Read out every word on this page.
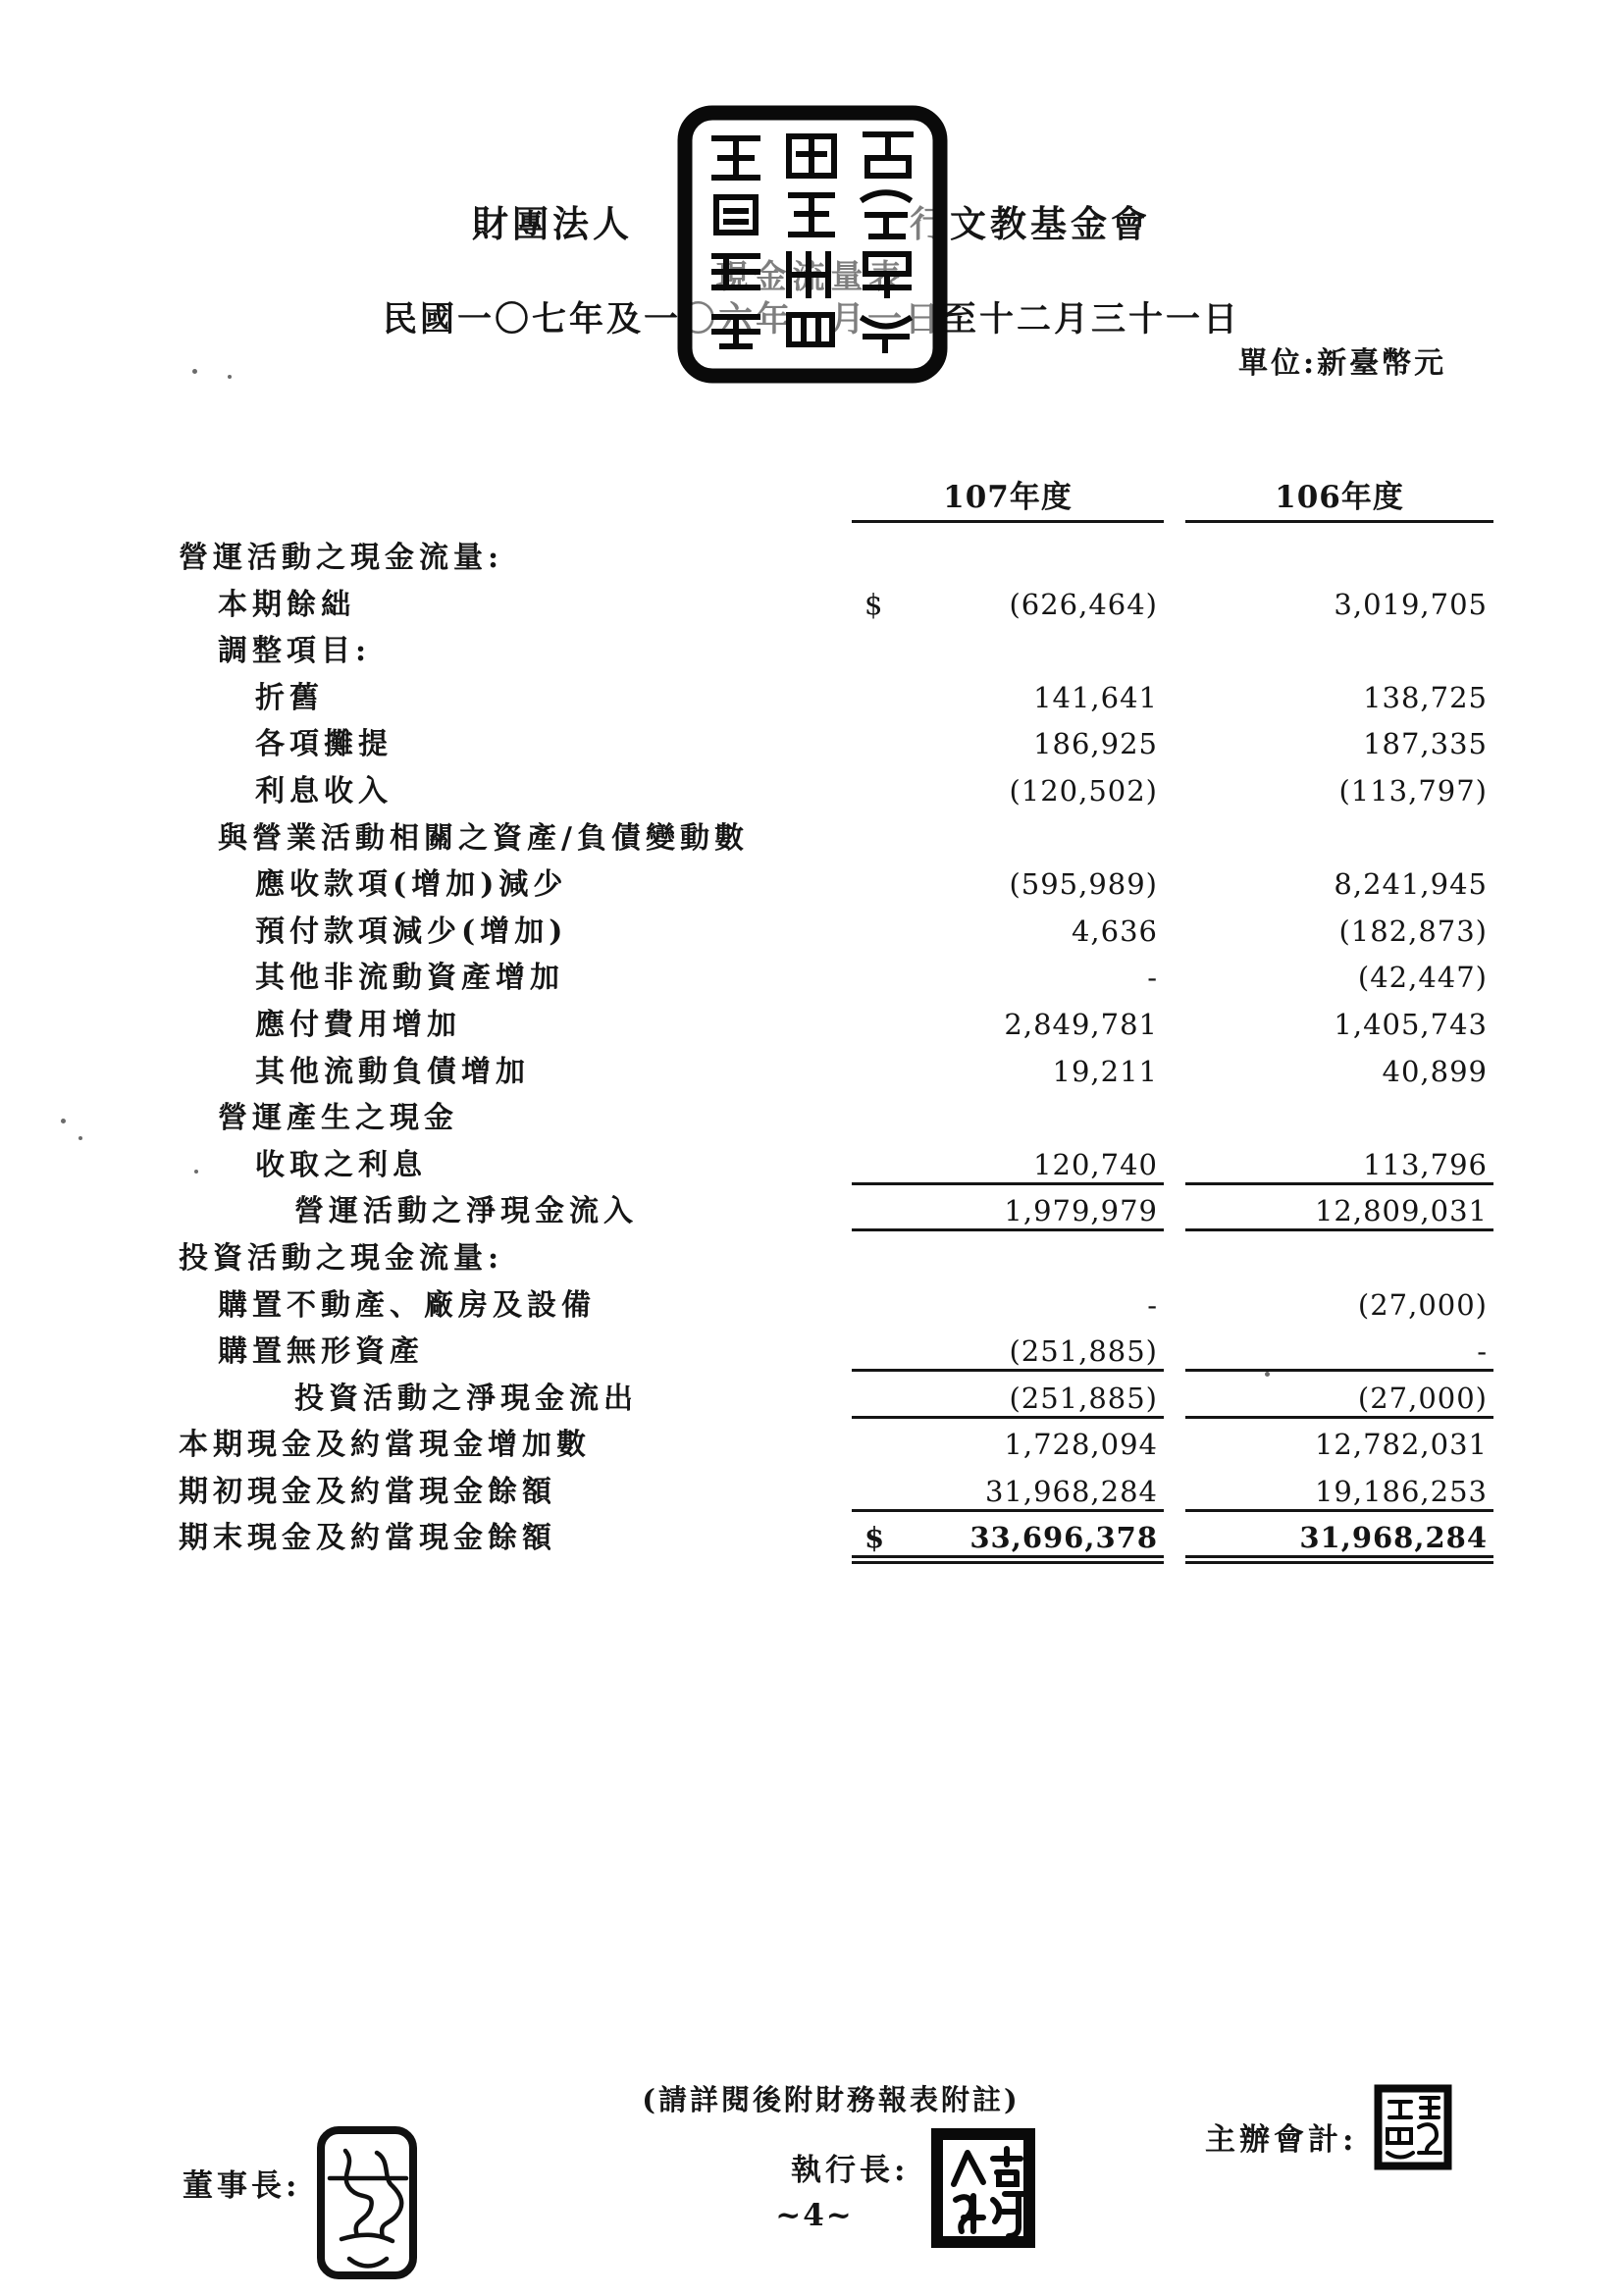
財團法人	行文教基金會
現金流量表
民國一〇七年及一〇六年一月一日至十二月三十一日
單位:新臺幣元
107年度	106年度
營運活動之現金流量:
本期餘絀	$	(626,464)	3,019,705
調整項目:
折舊	141,641	138,725
各項攤提	186,925	187,335
利息收入	(120,502)	(113,797)
與營業活動相關之資產/負債變動數
應收款項(增加)減少	(595,989)	8,241,945
預付款項減少(增加)	4,636	(182,873)
其他非流動資產增加	-	(42,447)
應付費用增加	2,849,781	1,405,743
其他流動負債增加	19,211	40,899
營運產生之現金
收取之利息	120,740	113,796
營運活動之淨現金流入	1,979,979	12,809,031
投資活動之現金流量:
購置不動產、廠房及設備	-	(27,000)
購置無形資產	(251,885)	-
投資活動之淨現金流出	(251,885)	(27,000)
本期現金及約當現金增加數	1,728,094	12,782,031
期初現金及約當現金餘額	31,968,284	19,186,253
期末現金及約當現金餘額	$	33,696,378	31,968,284
(請詳閱後附財務報表附註)
董事長:	執行長:
~4~
主辦會計:
